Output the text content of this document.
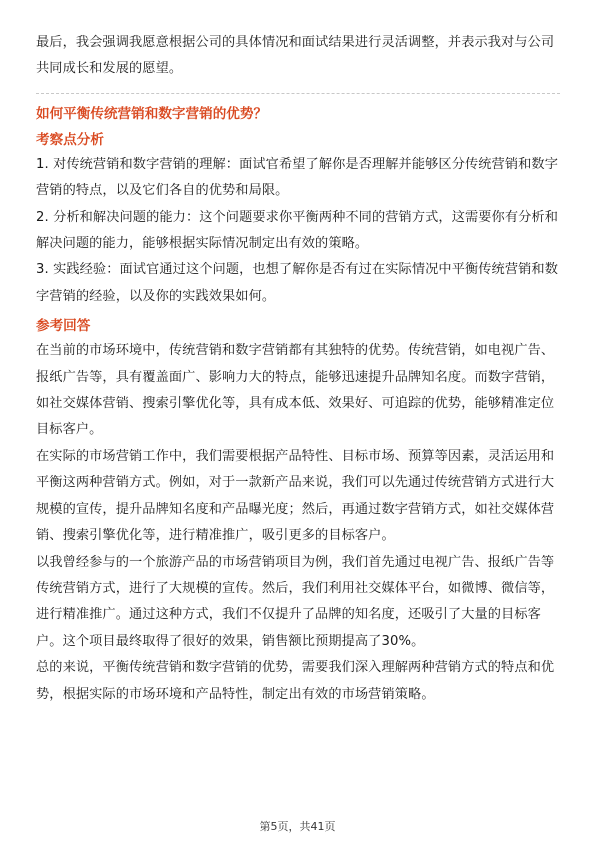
最后，我会强调我愿意根据公司的具体情况和面试结果进行灵活调整，并表示我对与公司共同成长和发展的愿望。

如何平衡传统营销和数字营销的优势？
考察点分析

1. 对传统营销和数字营销的理解：面试官希望了解你是否理解并能够区分传统营销和数字营销的特点，以及它们各自的优势和局限。

2. 分析和解决问题的能力：这个问题要求你平衡两种不同的营销方式，这需要你有分析和解决问题的能力，能够根据实际情况制定出有效的策略。

3. 实践经验：面试官通过这个问题，也想了解你是否有过在实际情况中平衡传统营销和数字营销的经验，以及你的实践效果如何。

参考回答

在当前的市场环境中，传统营销和数字营销都有其独特的优势。传统营销，如电视广告、报纸广告等，具有覆盖面广、影响力大的特点，能够迅速提升品牌知名度。而数字营销，如社交媒体营销、搜索引擎优化等，具有成本低、效果好、可追踪的优势，能够精准定位目标客户。

在实际的市场营销工作中，我们需要根据产品特性、目标市场、预算等因素，灵活运用和平衡这两种营销方式。例如，对于一款新产品来说，我们可以先通过传统营销方式进行大规模的宣传，提升品牌知名度和产品曝光度；然后，再通过数字营销方式，如社交媒体营销、搜索引擎优化等，进行精准推广，吸引更多的目标客户。

以我曾经参与的一个旅游产品的市场营销项目为例，我们首先通过电视广告、报纸广告等传统营销方式，进行了大规模的宣传。然后，我们利用社交媒体平台，如微博、微信等，进行精准推广。通过这种方式，我们不仅提升了品牌的知名度，还吸引了大量的目标客户。这个项目最终取得了很好的效果，销售额比预期提高了30%。

总的来说，平衡传统营销和数字营销的优势，需要我们深入理解两种营销方式的特点和优势，根据实际的市场环境和产品特性，制定出有效的市场营销策略。

第5页，共41页
